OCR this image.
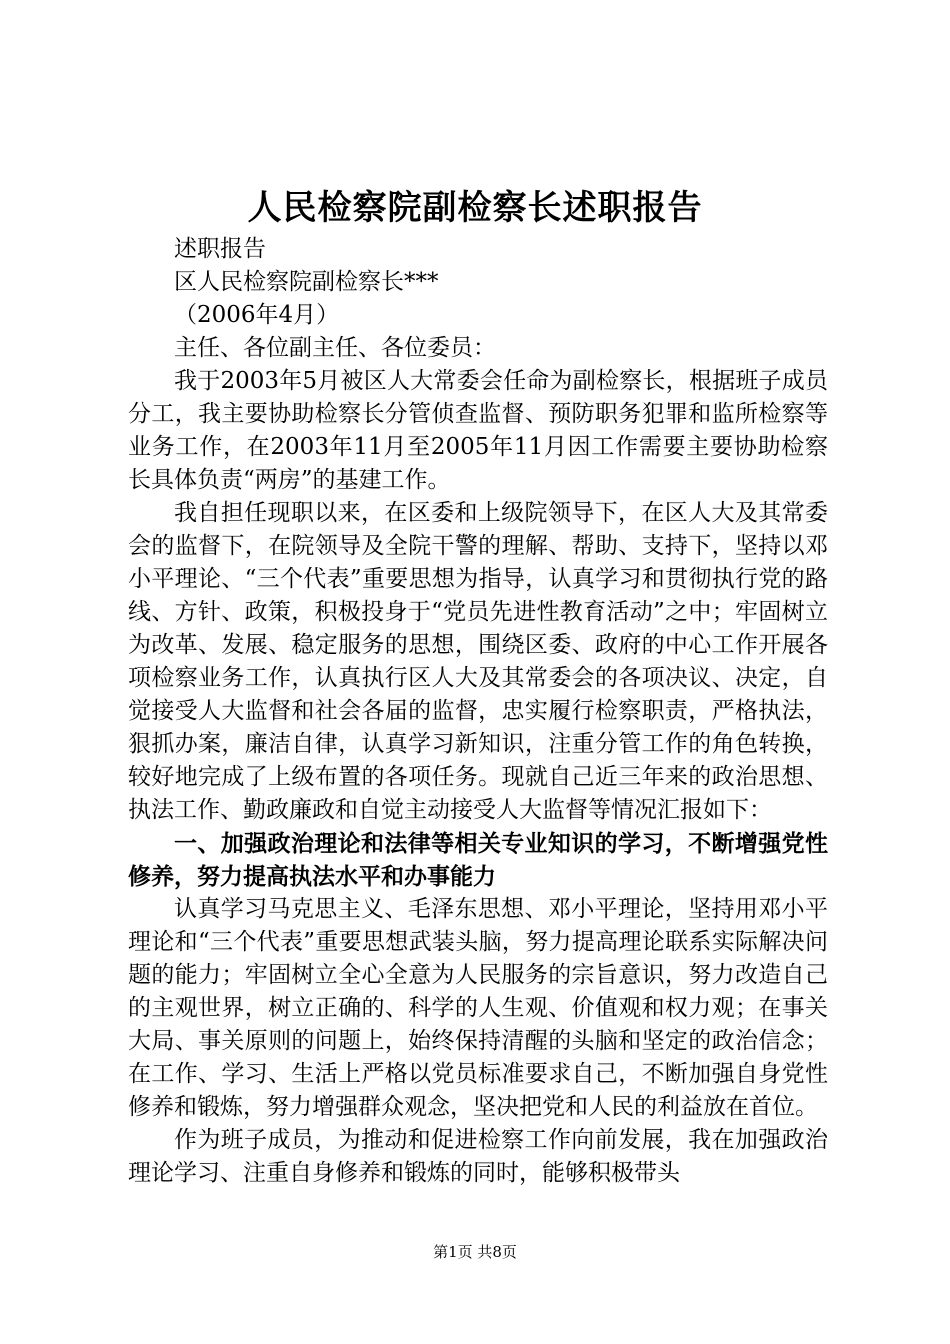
人民检察院副检察长述职报告

述职报告

区人民检察院副检察长***

（2006年4月）

主任、各位副主任、各位委员：

我于2003年5月被区人大常委会任命为副检察长，根据班子成员分工，我主要协助检察长分管侦查监督、预防职务犯罪和监所检察等业务工作，在2003年11月至2005年11月因工作需要主要协助检察长具体负责“两房”的基建工作。

我自担任现职以来，在区委和上级院领导下，在区人大及其常委会的监督下，在院领导及全院干警的理解、帮助、支持下，坚持以邓小平理论、“三个代表”重要思想为指导，认真学习和贯彻执行党的路线、方针、政策，积极投身于“党员先进性教育活动”之中；牢固树立为改革、发展、稳定服务的思想，围绕区委、政府的中心工作开展各项检察业务工作，认真执行区人大及其常委会的各项决议、决定，自觉接受人大监督和社会各届的监督，忠实履行检察职责，严格执法，狠抓办案，廉洁自律，认真学习新知识，注重分管工作的角色转换，较好地完成了上级布置的各项任务。现就自己近三年来的政治思想、执法工作、勤政廉政和自觉主动接受人大监督等情况汇报如下：

一、加强政治理论和法律等相关专业知识的学习，不断增强党性修养，努力提高执法水平和办事能力

认真学习马克思主义、毛泽东思想、邓小平理论，坚持用邓小平理论和“三个代表”重要思想武装头脑，努力提高理论联系实际解决问题的能力；牢固树立全心全意为人民服务的宗旨意识，努力改造自己的主观世界，树立正确的、科学的人生观、价值观和权力观；在事关大局、事关原则的问题上，始终保持清醒的头脑和坚定的政治信念；在工作、学习、生活上严格以党员标准要求自己，不断加强自身党性修养和锻炼，努力增强群众观念，坚决把党和人民的利益放在首位。

作为班子成员，为推动和促进检察工作向前发展，我在加强政治理论学习、注重自身修养和锻炼的同时，能够积极带头

第1页 共8页
